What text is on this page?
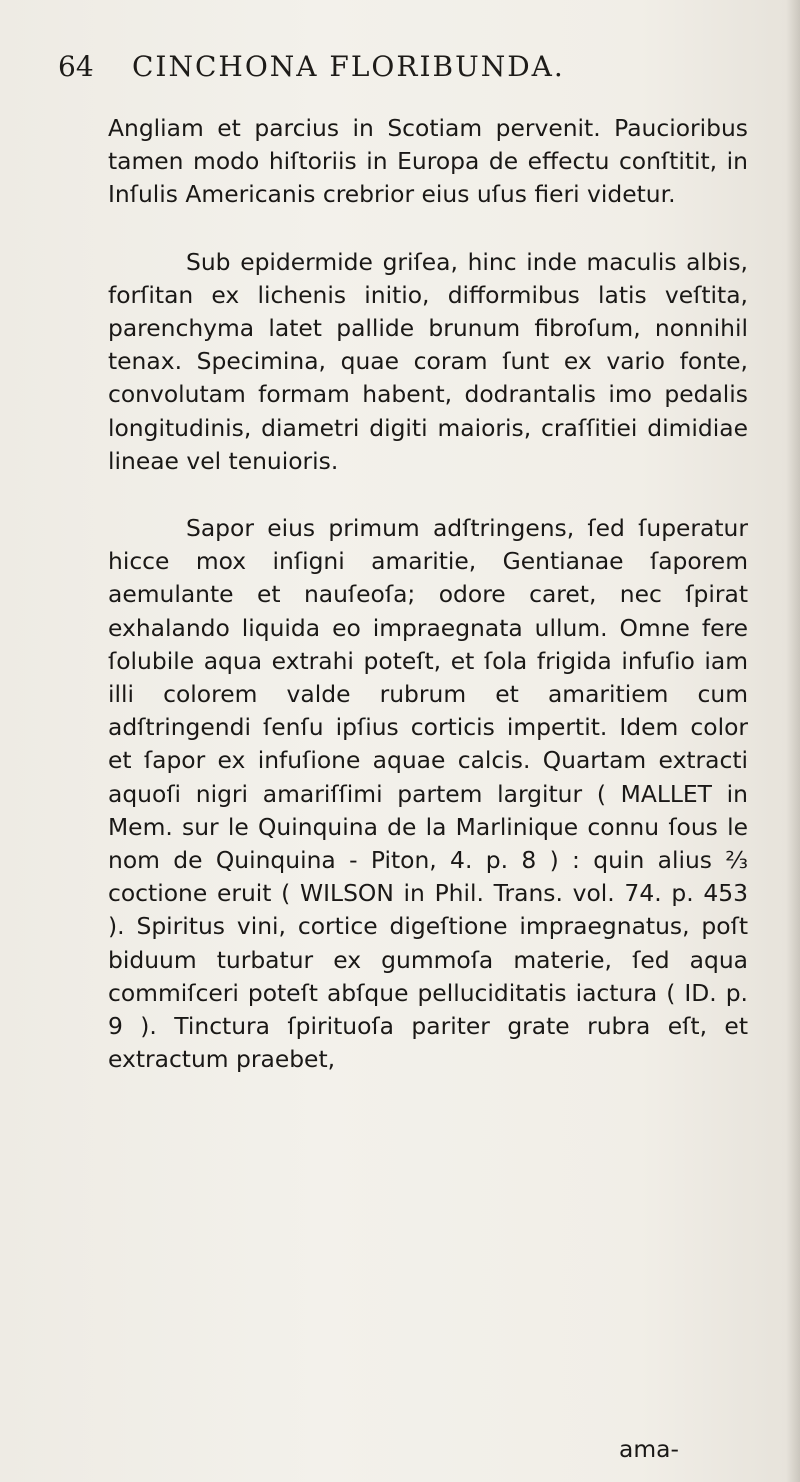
64 CINCHONA FLORIBUNDA.

Angliam et parcius in Scotiam pervenit. Paucioribus tamen modo hiſtoriis in Europa de effectu conſtitit, in Inſulis Americanis crebrior eius uſus fieri videtur.

Sub epidermide griſea, hinc inde maculis albis, forſitan ex lichenis initio, difformibus latis veſtita, parenchyma latet pallide brunum fibroſum, nonnihil tenax. Specimina, quae coram ſunt ex vario fonte, convolutam formam habent, dodrantalis imo pedalis longitudinis, diametri digiti maioris, craſſitiei dimidiae lineae vel tenuioris.

Sapor eius primum adſtringens, ſed ſuperatur hicce mox inſigni amaritie, Gentianae ſaporem aemulante et nauſeoſa; odore caret, nec ſpirat exhalando liquida eo impraegnata ullum. Omne fere ſolubile aqua extrahi poteſt, et ſola frigida infuſio iam illi colorem valde rubrum et amaritiem cum adſtringendi ſenſu ipſius corticis impertit. Idem color et ſapor ex infuſione aquae calcis. Quartam extracti aquoſi nigri amariſſimi partem largitur ( MALLET in Mem. sur le Quinquina de la Marlinique connu ſous le nom de Quinquina - Piton, 4. p. 8 ) : quin alius ⅔ coctione eruit ( WILSON in Phil. Trans. vol. 74. p. 453 ). Spiritus vini, cortice digeſtione impraegnatus, poſt biduum turbatur ex gummoſa materie, ſed aqua commiſceri poteſt abſque pelluciditatis iactura ( ID. p. 9 ). Tinctura ſpirituoſa pariter grate rubra eſt, et extractum praebet,

ama-
